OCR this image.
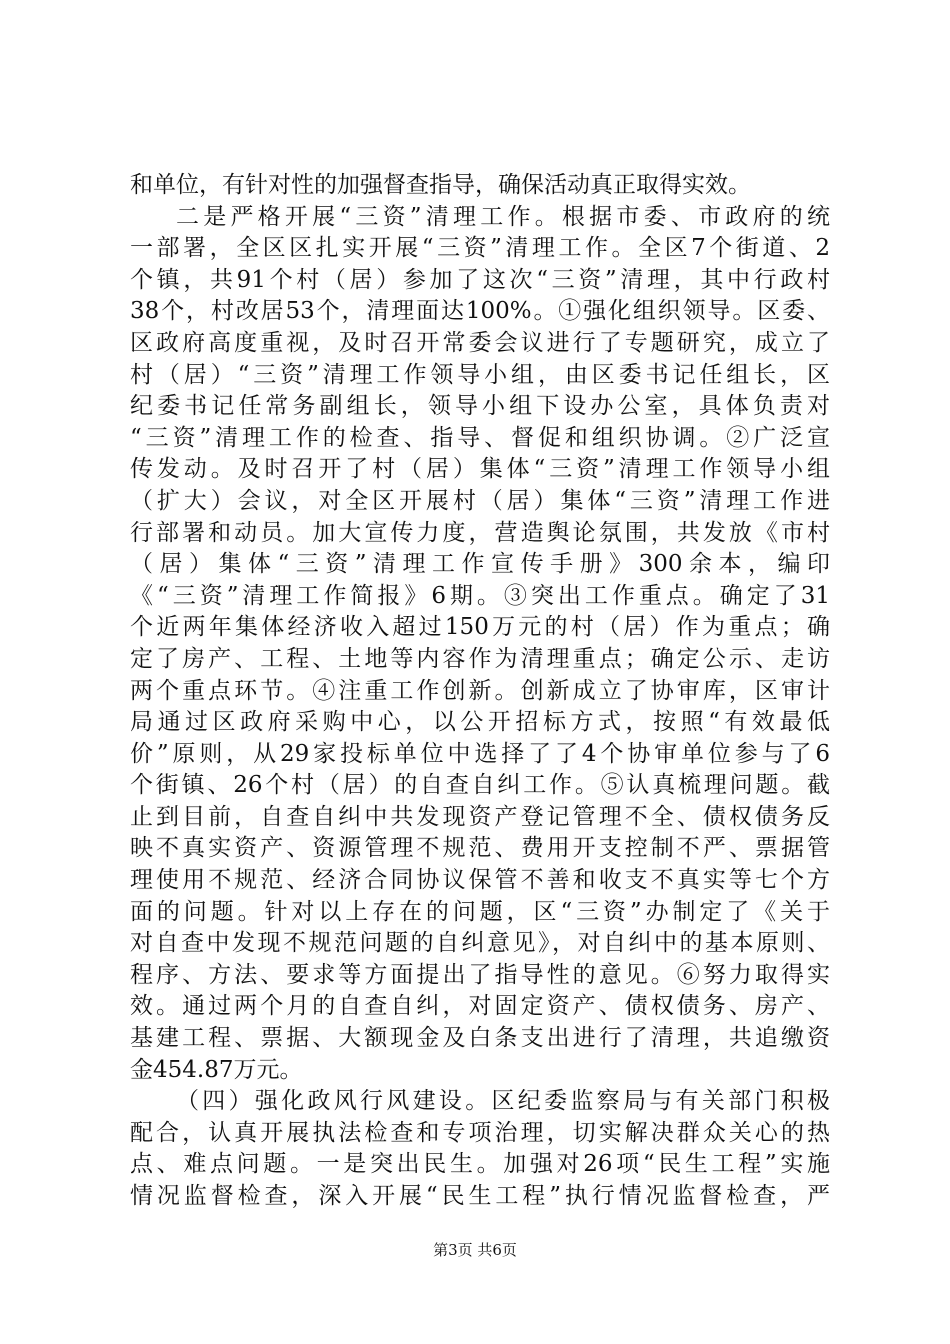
和单位，有针对性的加强督查指导，确保活动真正取得实效。
二是严格开展“三资”清理工作。根据市委、市政府的统
一部署，全区区扎实开展“三资”清理工作。全区7个街道、2
个镇，共91个村（居）参加了这次“三资”清理，其中行政村
38个，村改居53个，清理面达100%。①强化组织领导。区委、
区政府高度重视，及时召开常委会议进行了专题研究，成立了
村（居）“三资”清理工作领导小组，由区委书记任组长，区
纪委书记任常务副组长，领导小组下设办公室，具体负责对
“三资”清理工作的检查、指导、督促和组织协调。②广泛宣
传发动。及时召开了村（居）集体“三资”清理工作领导小组
（扩大）会议，对全区开展村（居）集体“三资”清理工作进
行部署和动员。加大宣传力度，营造舆论氛围，共发放《市村
（居）集体“三资”清理工作宣传手册》300余本，编印
《“三资”清理工作简报》6期。③突出工作重点。确定了31
个近两年集体经济收入超过150万元的村（居）作为重点；确
定了房产、工程、土地等内容作为清理重点；确定公示、走访
两个重点环节。④注重工作创新。创新成立了协审库，区审计
局通过区政府采购中心，以公开招标方式，按照“有效最低
价”原则，从29家投标单位中选择了了4个协审单位参与了6
个街镇、26个村（居）的自查自纠工作。⑤认真梳理问题。截
止到目前，自查自纠中共发现资产登记管理不全、债权债务反
映不真实资产、资源管理不规范、费用开支控制不严、票据管
理使用不规范、经济合同协议保管不善和收支不真实等七个方
面的问题。针对以上存在的问题，区“三资”办制定了《关于
对自查中发现不规范问题的自纠意见》，对自纠中的基本原则、
程序、方法、要求等方面提出了指导性的意见。⑥努力取得实
效。通过两个月的自查自纠，对固定资产、债权债务、房产、
基建工程、票据、大额现金及白条支出进行了清理，共追缴资
金454.87万元。
（四）强化政风行风建设。区纪委监察局与有关部门积极
配合，认真开展执法检查和专项治理，切实解决群众关心的热
点、难点问题。一是突出民生。加强对26项“民生工程”实施
情况监督检查，深入开展“民生工程”执行情况监督检查，严
第3页 共6页
